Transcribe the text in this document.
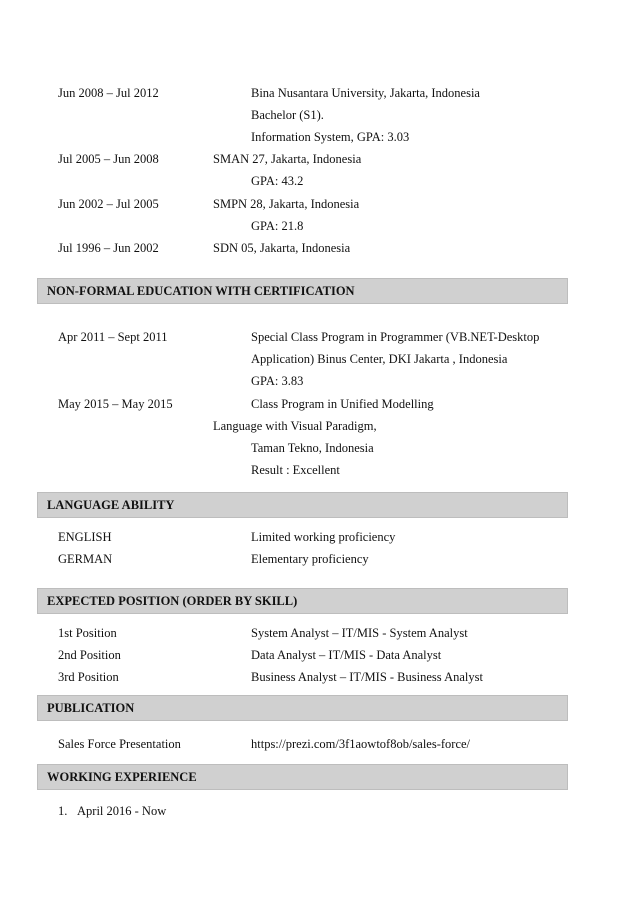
Jun 2008 – Jul 2012	Bina Nusantara University, Jakarta, Indonesia
Bachelor (S1).
Information System, GPA: 3.03
Jul 2005 – Jun 2008	SMAN 27, Jakarta, Indonesia
GPA: 43.2
Jun 2002 – Jul 2005	SMPN 28, Jakarta, Indonesia
GPA: 21.8
Jul 1996 – Jun 2002	SDN 05, Jakarta, Indonesia
NON-FORMAL EDUCATION WITH CERTIFICATION
Apr 2011 – Sept 2011	Special Class Program in Programmer (VB.NET-Desktop
Application) Binus Center, DKI Jakarta , Indonesia
GPA: 3.83
May 2015 – May 2015	Class Program in Unified Modelling
Language with Visual Paradigm,
Taman Tekno, Indonesia
Result : Excellent
LANGUAGE ABILITY
ENGLISH	Limited working proficiency
GERMAN	Elementary proficiency
EXPECTED POSITION (ORDER BY SKILL)
1st Position	System Analyst – IT/MIS - System Analyst
2nd Position	Data Analyst – IT/MIS - Data Analyst
3rd Position	Business Analyst – IT/MIS - Business Analyst
PUBLICATION
Sales Force Presentation	https://prezi.com/3f1aowtof8ob/sales-force/
WORKING EXPERIENCE
1. April 2016 - Now
